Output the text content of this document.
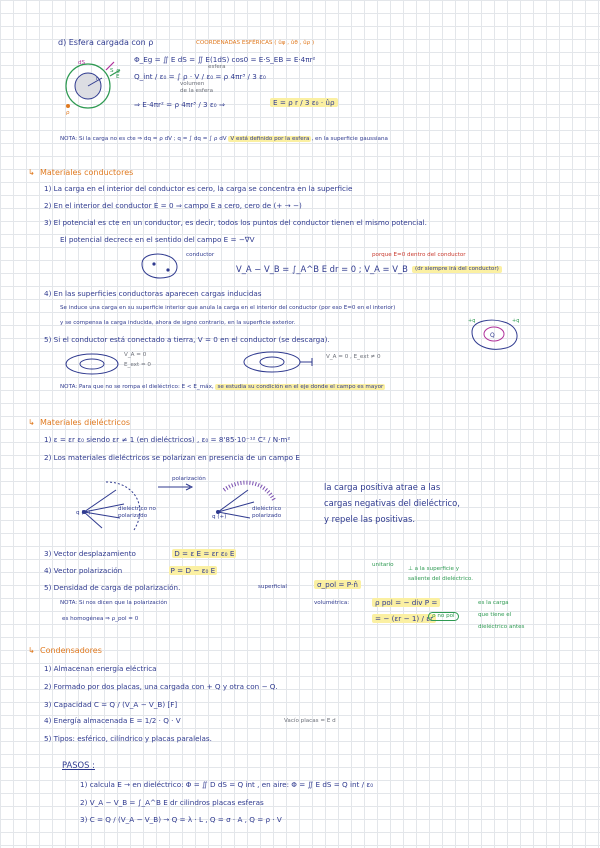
d) Esfera cargada con ρ	COORDENADAS ESFÉRICAS ( ûφ , ûθ , ûρ )
dS
S_g
r	E
ρ
Φ_Eg = ∬ E dS = ∬ E(1dS) cos0 = E·S_EB = E·4πr²
esfera
Q_int / ε₀ = ∫ ρ · V / ε₀ = ρ 4πr³ / 3 ε₀
volumen
de la esfera
⇒ E·4πr² = ρ 4πr³ / 3 ε₀ ⇒	E = ρ r / 3 ε₀ · ûρ
NOTA: Si la carga no es cte ⇒ dq = ρ dV ; q = ∫ dq = ∫ ρ dV V está definido por la esfera , en la superficie gaussiana
↳ Materiales conductores
1) La carga en el interior del conductor es cero, la carga se concentra en la superficie
2) En el interior del conductor E = 0 ⇒ campo E a cero, cero de (+ → −)
3) El potencial es cte en un conductor, es decir, todos los puntos del conductor tienen el mismo potencial.
El potencial decrece en el sentido del campo E = −∇V
conductor
V_A − V_B = ∫_A^B E dr = 0 ; V_A = V_B
porque E=0 dentro del conductor
(dr siempre irá del conductor)
4) En las superficies conductoras aparecen cargas inducidas
Se induce una carga en su superficie interior que anula la carga en el interior del conductor (por eso E=0 en el interior)
y se compensa la carga inducida, ahora de signo contrario, en la superficie exterior.
5) Si el conductor está conectado a tierra, V = 0 en el conductor (se descarga).	Q
+q	+q
V_A = 0
E_ext = 0
V_A = 0 , E_ext ≠ 0
NOTA: Para que no se rompa el dieléctrico: E < E_máx, se estudia su condición en el eje donde el campo es mayor
↳ Materiales dieléctricos
1) ε = εr ε₀ siendo εr ≠ 1 (en dieléctricos) , ε₀ = 8'85·10⁻¹² C² / N·m²
2) Los materiales dieléctricos se polarizan en presencia de un campo E
polarización
q (+)
dieléctrico no polarizado	q (+)
dieléctrico polarizado
la carga positiva atrae a las
cargas negativas del dieléctrico,
y repele las positivas.
3) Vector desplazamiento	D = ε E = εr ε₀ E
4) Vector polarización	P = D − ε₀ E
5) Densidad de carga de polarización.	superficial	σ_pol = P·n̂
unitario
⊥ a la superficie y
saliente del dieléctrico.
NOTA: Si nos dicen que la polarización
es homogénea ⇒ ρ_pol = 0
volumétrica:	ρ pol = − div P =
= − (εr − 1) / εr
ρ no pol
es la carga
que tiene el
dieléctrico antes
↳ Condensadores
1) Almacenan energía eléctrica
2) Formado por dos placas, una cargada con + Q y otra con − Q.
3) Capacidad C = Q / (V_A − V_B) [F]
4) Energía almacenada E = 1/2 · Q · V	Vacío placas = E d
5) Tipos: esférico, cilíndrico y placas paralelas.
PASOS :
1) calcula E → en dieléctrico: Φ = ∬ D dS = Q int , en aire: Φ = ∬ E dS = Q int / ε₀
2) V_A − V_B = ∫_A^B E dr cilindros placas esferas
3) C = Q / (V_A − V_B) → Q = λ · L , Q = σ · A , Q = ρ · V
